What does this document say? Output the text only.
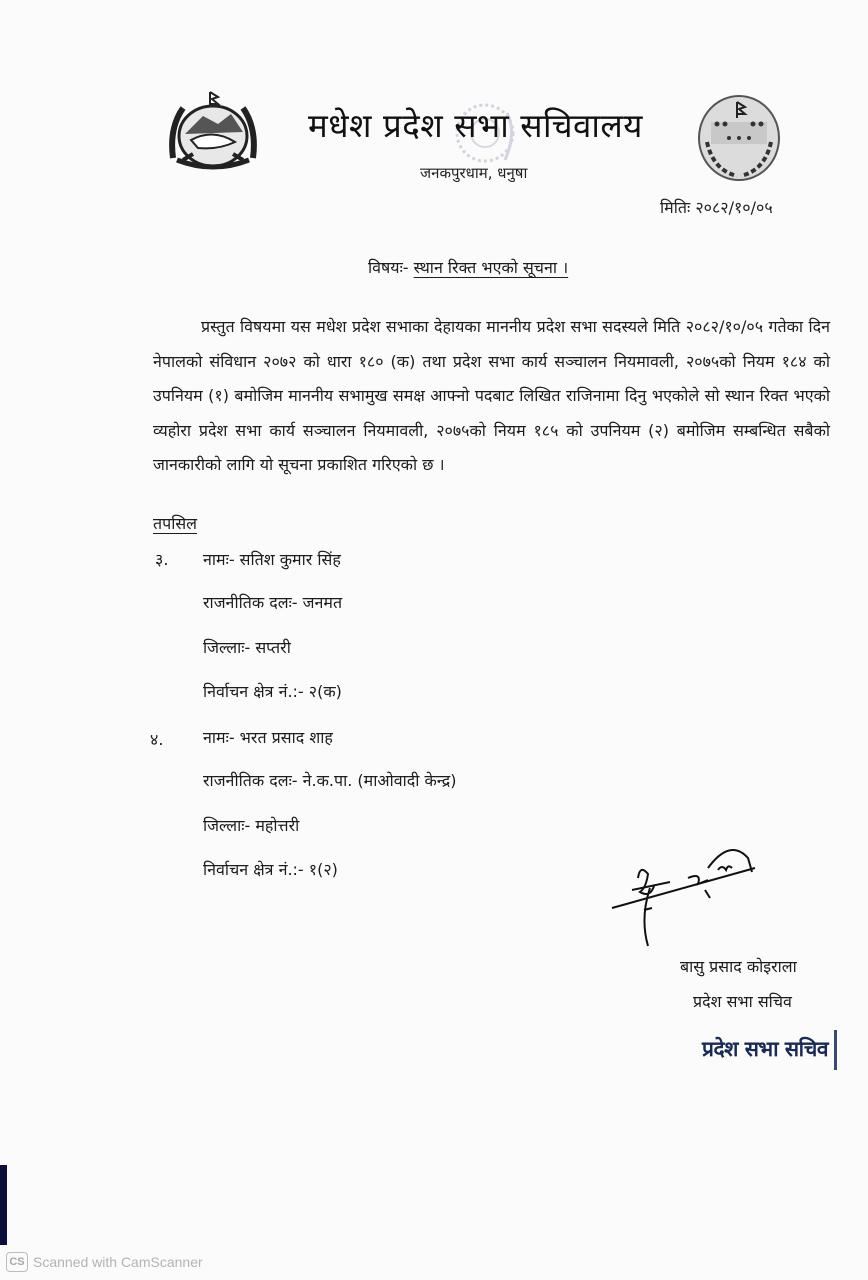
मधेश प्रदेश सभा सचिवालय
जनकपुरधाम, धनुषा
मितिः २०८२/१०/०५
विषयः- स्थान रिक्त भएको सूचना ।
प्रस्तुत विषयमा यस मधेश प्रदेश सभाका देहायका माननीय प्रदेश सभा सदस्यले मिति २०८२/१०/०५ गतेका दिन नेपालको संविधान २०७२ को धारा १८० (क) तथा प्रदेश सभा कार्य सञ्चालन नियमावली, २०७५को नियम १८४ को उपनियम (१) बमोजिम माननीय सभामुख समक्ष आफ्नो पदबाट लिखित राजिनामा दिनु भएकोले सो स्थान रिक्त भएको व्यहोरा प्रदेश सभा कार्य सञ्चालन नियमावली, २०७५को नियम १८५ को उपनियम (२) बमोजिम सम्बन्धित सबैको जानकारीको लागि यो सूचना प्रकाशित गरिएको छ ।
तपसिल
३. नामः- सतिश कुमार सिंह
राजनीतिक दलः- जनमत
जिल्लाः- सप्तरी
निर्वाचन क्षेत्र नं.:- २(क)
४. नामः- भरत प्रसाद शाह
राजनीतिक दलः- ने.क.पा. (माओवादी केन्द्र)
जिल्लाः- महोत्तरी
निर्वाचन क्षेत्र नं.:- १(२)
बासु प्रसाद कोइराला
प्रदेश सभा सचिव
प्रदेश सभा सचिव
CS Scanned with CamScanner
